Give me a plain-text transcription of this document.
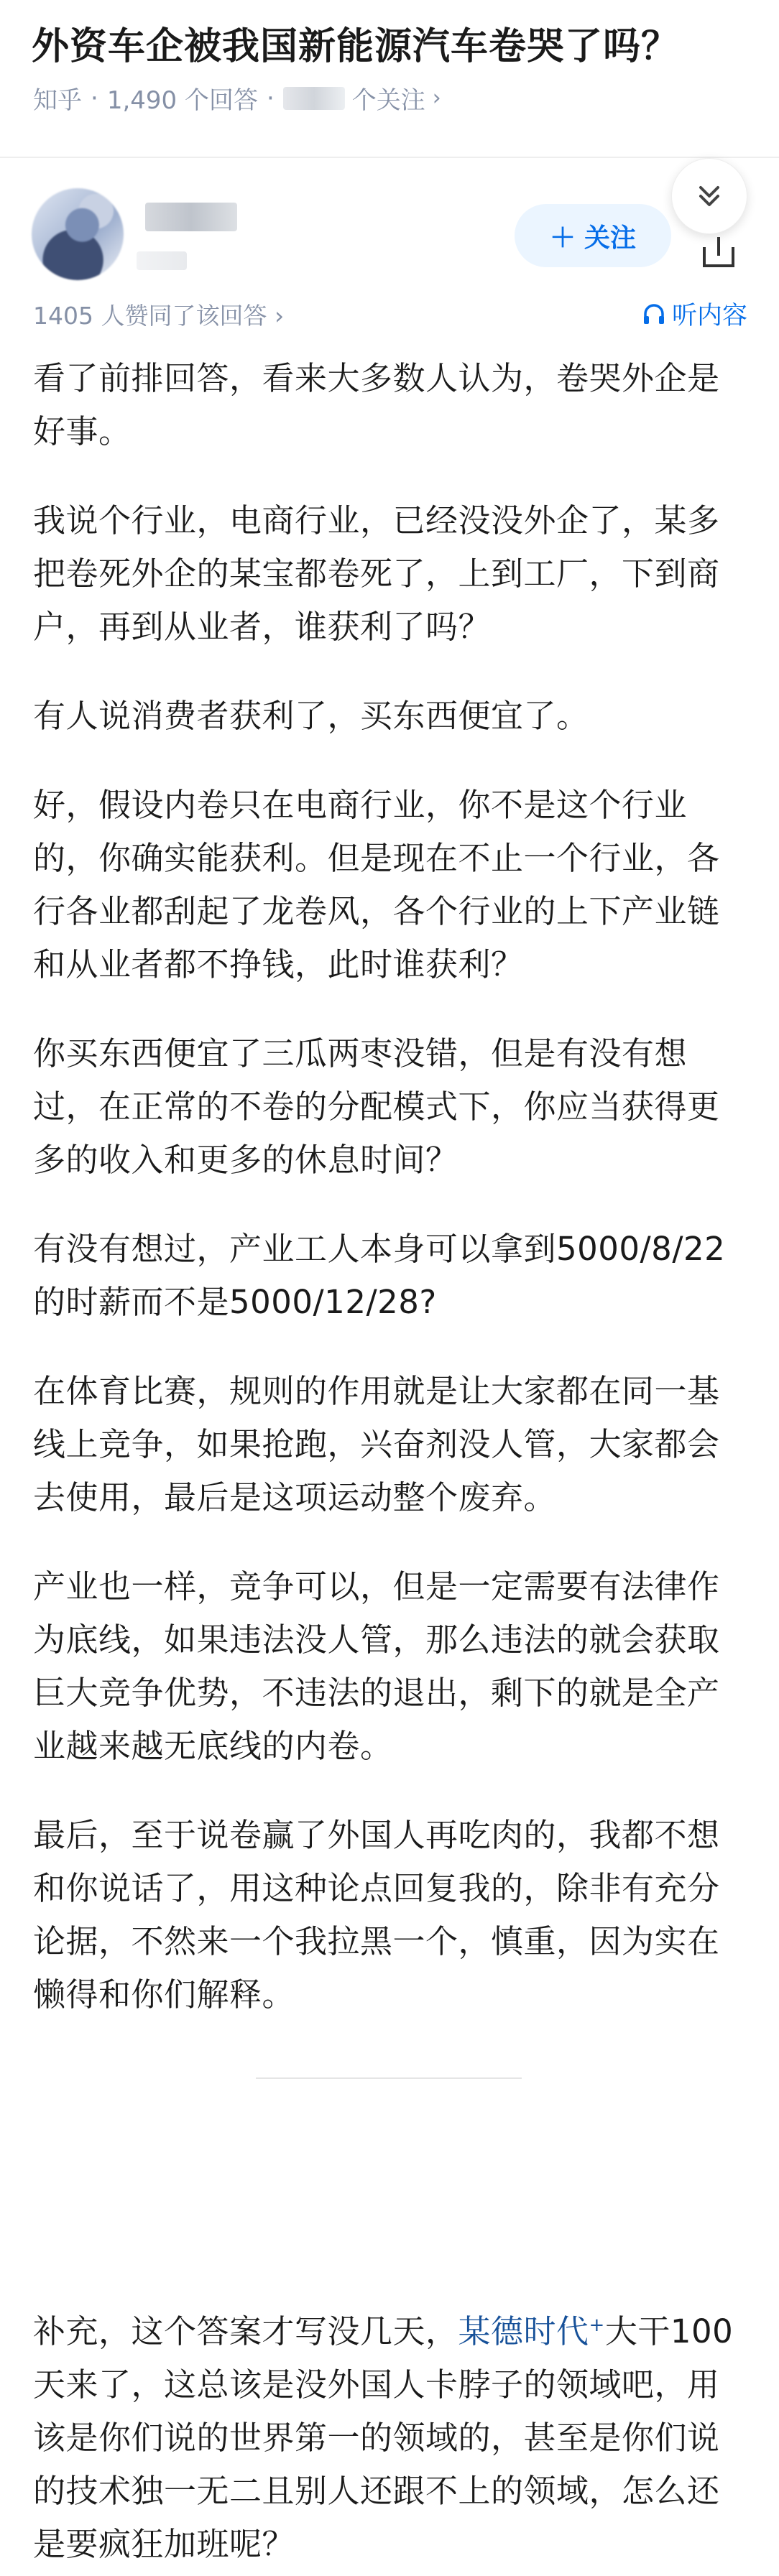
外资车企被我国新能源汽车卷哭了吗？
知乎 · 1,490 个回答 ·	个关注 ›
＋ 关注
1405 人赞同了该回答 ›	听内容

看了前排回答，看来大多数人认为，卷哭外企是好事。

我说个行业，电商行业，已经没没外企了，某多把卷死外企的某宝都卷死了，上到工厂，下到商户，再到从业者，谁获利了吗？

有人说消费者获利了，买东西便宜了。

好，假设内卷只在电商行业，你不是这个行业的，你确实能获利。但是现在不止一个行业，各行各业都刮起了龙卷风，各个行业的上下产业链和从业者都不挣钱，此时谁获利？

你买东西便宜了三瓜两枣没错，但是有没有想过，在正常的不卷的分配模式下，你应当获得更多的收入和更多的休息时间？

有没有想过，产业工人本身可以拿到5000/8/22的时薪而不是5000/12/28?

在体育比赛，规则的作用就是让大家都在同一基线上竞争，如果抢跑，兴奋剂没人管，大家都会去使用，最后是这项运动整个废弃。

产业也一样，竞争可以，但是一定需要有法律作为底线，如果违法没人管，那么违法的就会获取巨大竞争优势，不违法的退出，剩下的就是全产业越来越无底线的内卷。

最后，至于说卷赢了外国人再吃肉的，我都不想和你说话了，用这种论点回复我的，除非有充分论据，不然来一个我拉黑一个，慎重，因为实在懒得和你们解释。

补充，这个答案才写没几天，某德时代+大干100天来了，这总该是没外国人卡脖子的领域吧，用该是你们说的世界第一的领域的，甚至是你们说的技术独一无二且别人还跟不上的领域，怎么还是要疯狂加班呢？
